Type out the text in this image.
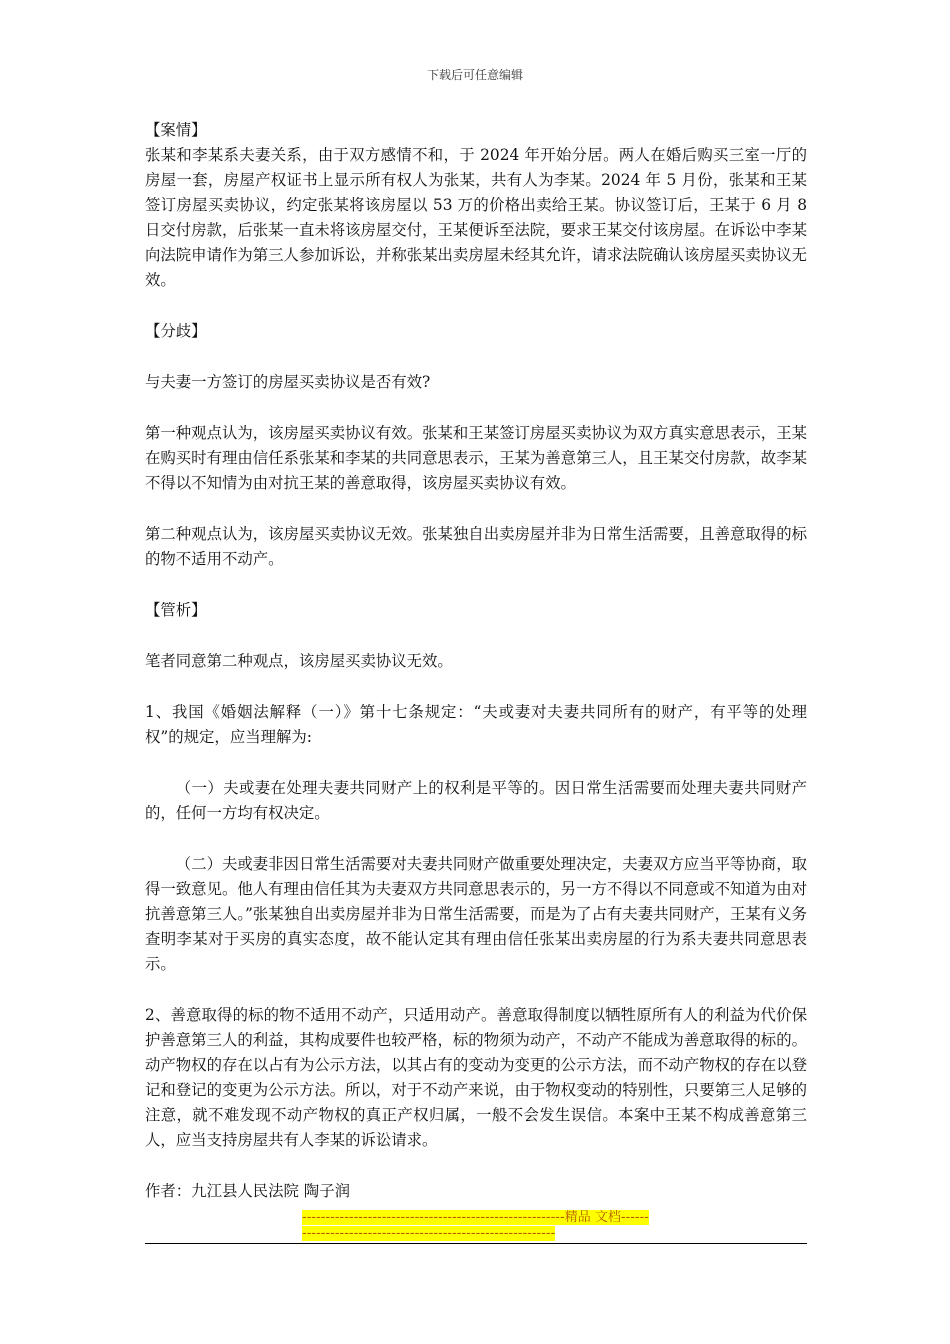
下载后可任意编辑

【案情】

张某和李某系夫妻关系，由于双方感情不和，于 2024 年开始分居。两人在婚后购买三室一厅的房屋一套，房屋产权证书上显示所有权人为张某，共有人为李某。2024 年 5 月份，张某和王某签订房屋买卖协议，约定张某将该房屋以 53 万的价格出卖给王某。协议签订后，王某于 6 月 8 日交付房款，后张某一直未将该房屋交付，王某便诉至法院，要求王某交付该房屋。在诉讼中李某向法院申请作为第三人参加诉讼，并称张某出卖房屋未经其允许，请求法院确认该房屋买卖协议无效。

【分歧】

与夫妻一方签订的房屋买卖协议是否有效?

第一种观点认为，该房屋买卖协议有效。张某和王某签订房屋买卖协议为双方真实意思表示，王某在购买时有理由信任系张某和李某的共同意思表示，王某为善意第三人，且王某交付房款，故李某不得以不知情为由对抗王某的善意取得，该房屋买卖协议有效。

第二种观点认为，该房屋买卖协议无效。张某独自出卖房屋并非为日常生活需要，且善意取得的标的物不适用不动产。

【管析】

笔者同意第二种观点，该房屋买卖协议无效。

1、我国《婚姻法解释（一）》第十七条规定：“夫或妻对夫妻共同所有的财产，有平等的处理权”的规定，应当理解为:

（一）夫或妻在处理夫妻共同财产上的权利是平等的。因日常生活需要而处理夫妻共同财产的，任何一方均有权决定。

（二）夫或妻非因日常生活需要对夫妻共同财产做重要处理决定，夫妻双方应当平等协商，取得一致意见。他人有理由信任其为夫妻双方共同意思表示的，另一方不得以不同意或不知道为由对抗善意第三人。”张某独自出卖房屋并非为日常生活需要，而是为了占有夫妻共同财产，王某有义务查明李某对于买房的真实态度，故不能认定其有理由信任张某出卖房屋的行为系夫妻共同意思表示。

2、善意取得的标的物不适用不动产，只适用动产。善意取得制度以牺牲原所有人的利益为代价保护善意第三人的利益，其构成要件也较严格，标的物须为动产，不动产不能成为善意取得的标的。动产物权的存在以占有为公示方法，以其占有的变动为变更的公示方法，而不动产物权的存在以登记和登记的变更为公示方法。所以，对于不动产来说，由于物权变动的特别性，只要第三人足够的注意，就不难发现不动产物权的真正产权归属，一般不会发生误信。本案中王某不构成善意第三人，应当支持房屋共有人李某的诉讼请求。

作者：九江县人民法院 陶子润

--------------------------------------------------------精品 文档------------------------------------------------------------
